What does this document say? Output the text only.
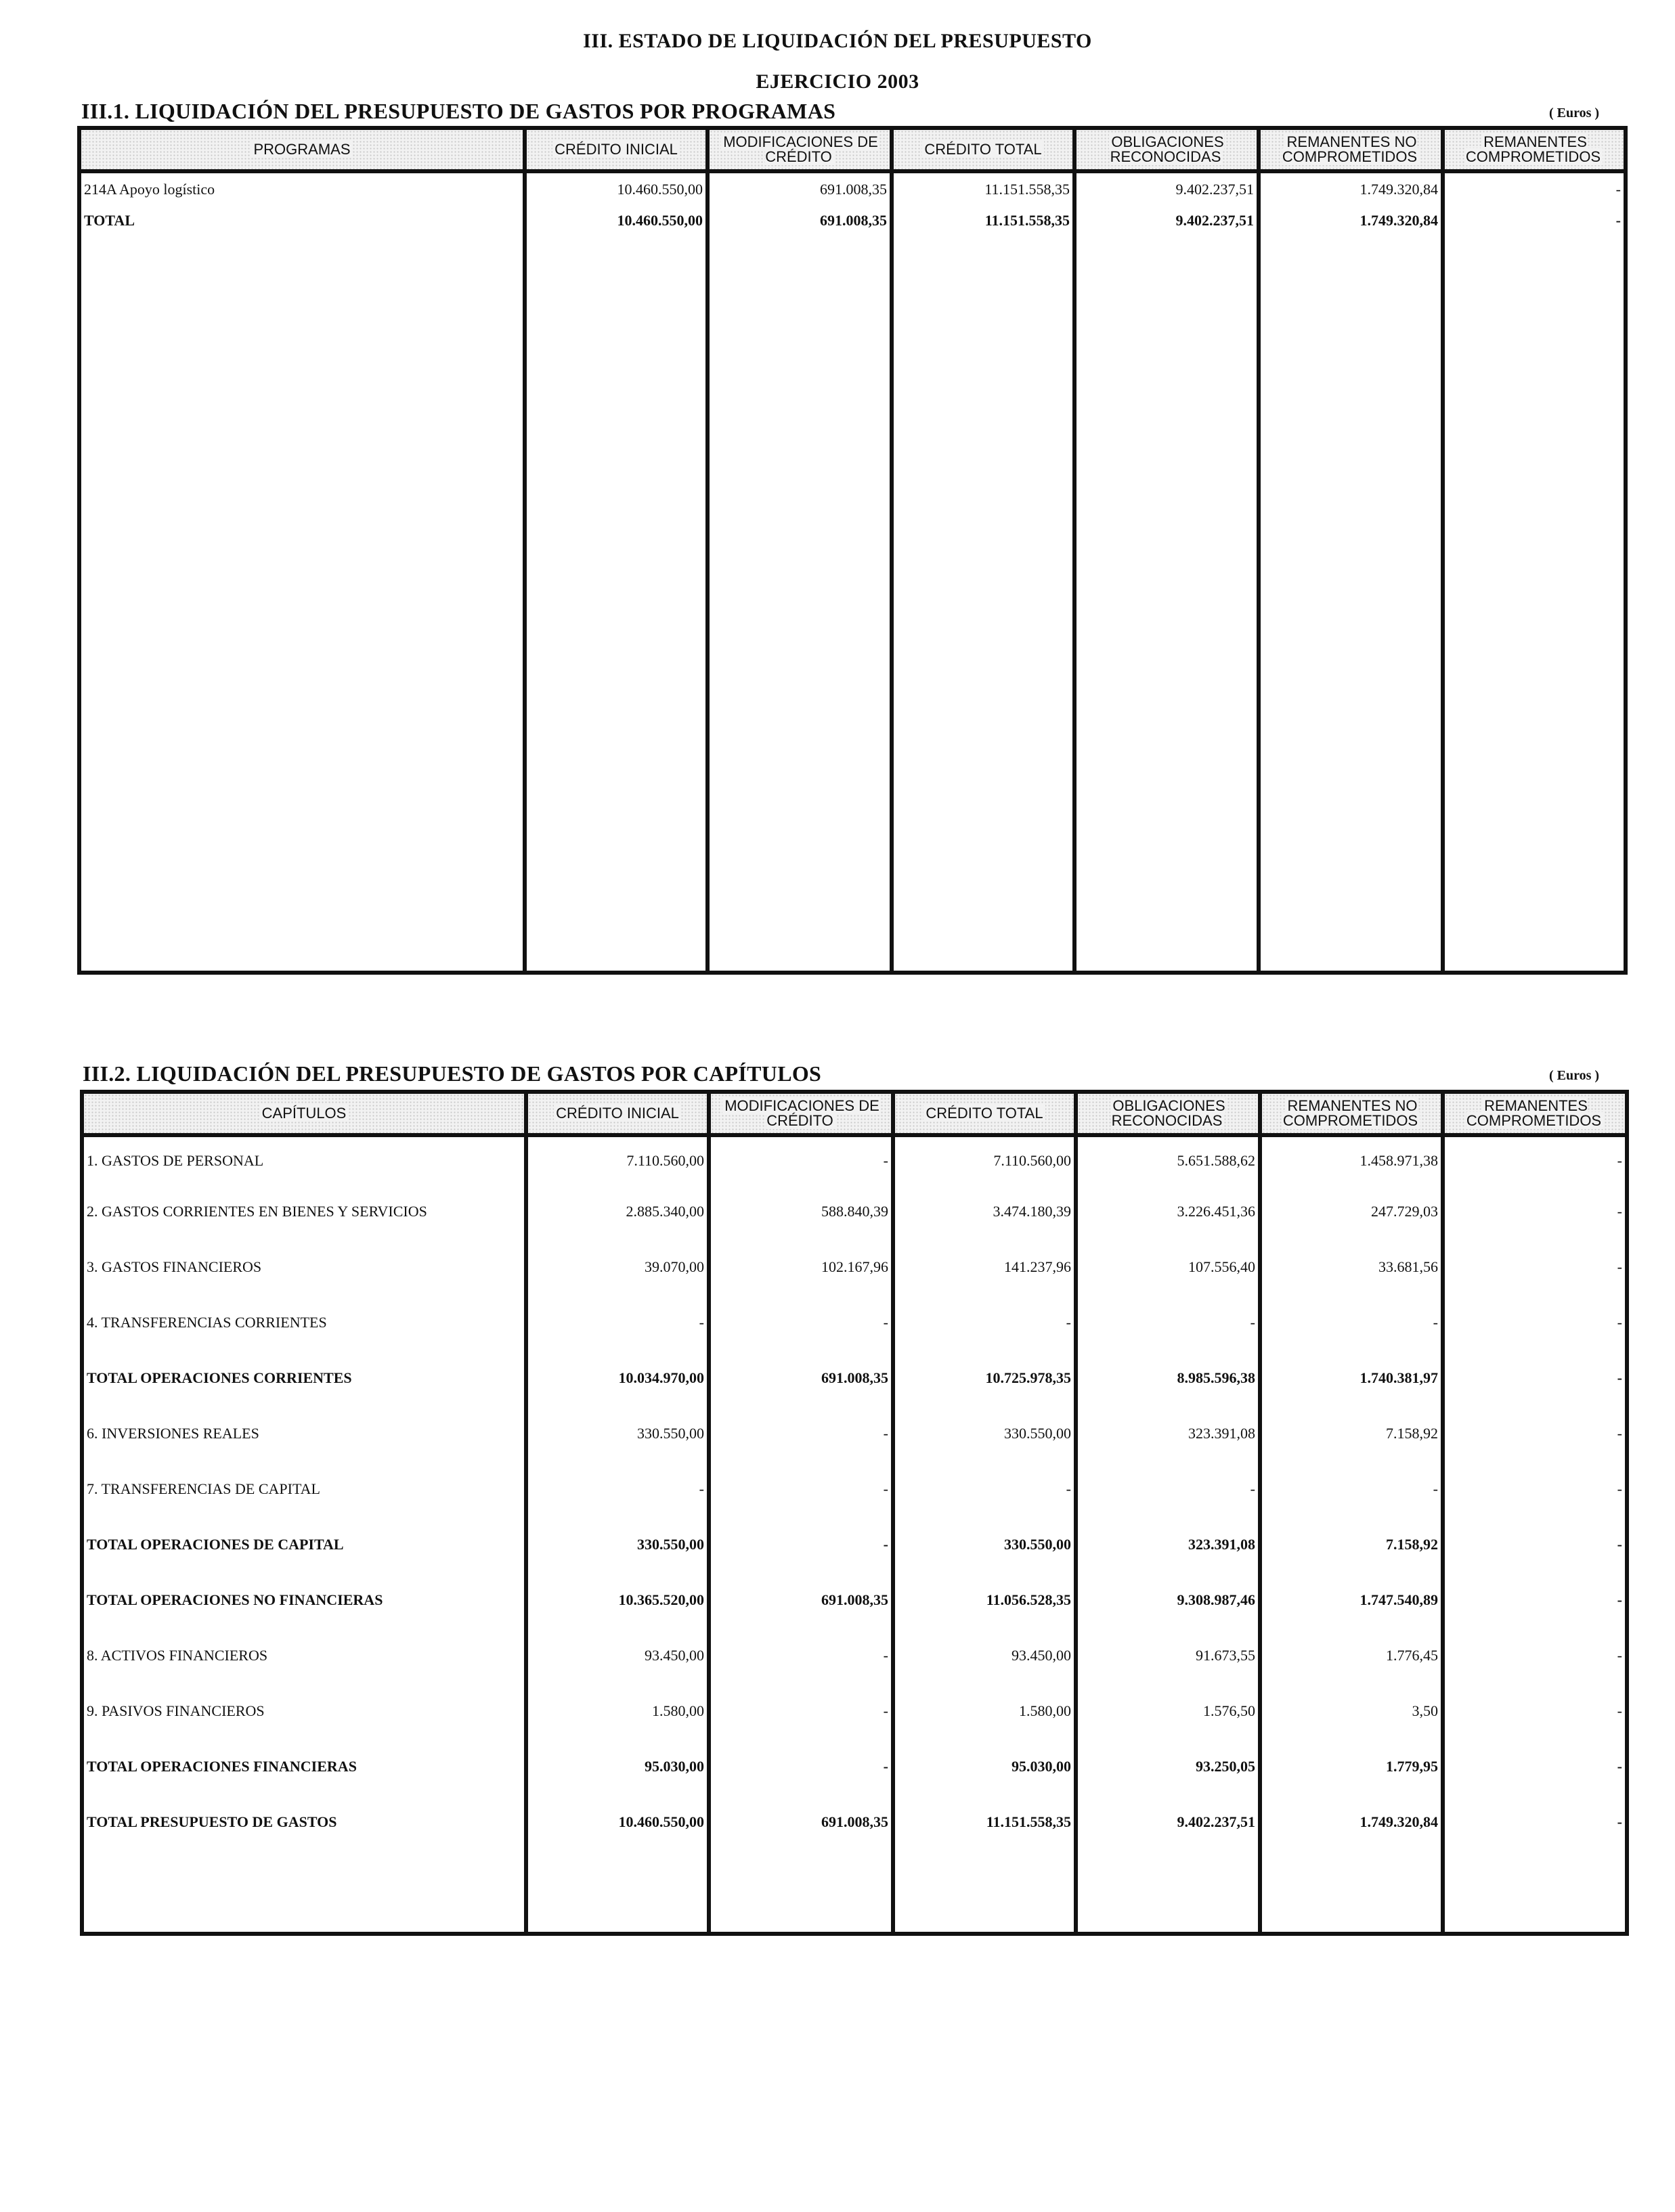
III. ESTADO DE LIQUIDACIÓN DEL PRESUPUESTO
EJERCICIO 2003
III.1. LIQUIDACIÓN DEL PRESUPUESTO DE GASTOS POR PROGRAMAS	( Euros )
PROGRAMAS	CRÉDITO INICIAL	MODIFICACIONES DE CRÉDITO	CRÉDITO TOTAL	OBLIGACIONES RECONOCIDAS	REMANENTES NO COMPROMETIDOS	REMANENTES COMPROMETIDOS
214A Apoyo logístico	10.460.550,00	691.008,35	11.151.558,35	9.402.237,51	1.749.320,84	-
TOTAL	10.460.550,00	691.008,35	11.151.558,35	9.402.237,51	1.749.320,84	-

III.2. LIQUIDACIÓN DEL PRESUPUESTO DE GASTOS POR CAPÍTULOS	( Euros )
CAPÍTULOS	CRÉDITO INICIAL	MODIFICACIONES DE CRÉDITO	CRÉDITO TOTAL	OBLIGACIONES RECONOCIDAS	REMANENTES NO COMPROMETIDOS	REMANENTES COMPROMETIDOS
1. GASTOS DE PERSONAL	7.110.560,00	-	7.110.560,00	5.651.588,62	1.458.971,38	-
2. GASTOS CORRIENTES EN BIENES Y SERVICIOS	2.885.340,00	588.840,39	3.474.180,39	3.226.451,36	247.729,03	-
3. GASTOS FINANCIEROS	39.070,00	102.167,96	141.237,96	107.556,40	33.681,56	-
4. TRANSFERENCIAS CORRIENTES	-	-	-	-	-	-
TOTAL OPERACIONES CORRIENTES	10.034.970,00	691.008,35	10.725.978,35	8.985.596,38	1.740.381,97	-
6. INVERSIONES REALES	330.550,00	-	330.550,00	323.391,08	7.158,92	-
7. TRANSFERENCIAS DE CAPITAL	-	-	-	-	-	-
TOTAL OPERACIONES DE CAPITAL	330.550,00	-	330.550,00	323.391,08	7.158,92	-
TOTAL OPERACIONES NO FINANCIERAS	10.365.520,00	691.008,35	11.056.528,35	9.308.987,46	1.747.540,89	-
8. ACTIVOS FINANCIEROS	93.450,00	-	93.450,00	91.673,55	1.776,45	-
9. PASIVOS FINANCIEROS	1.580,00	-	1.580,00	1.576,50	3,50	-
TOTAL OPERACIONES FINANCIERAS	95.030,00	-	95.030,00	93.250,05	1.779,95	-
TOTAL PRESUPUESTO DE GASTOS	10.460.550,00	691.008,35	11.151.558,35	9.402.237,51	1.749.320,84	-
